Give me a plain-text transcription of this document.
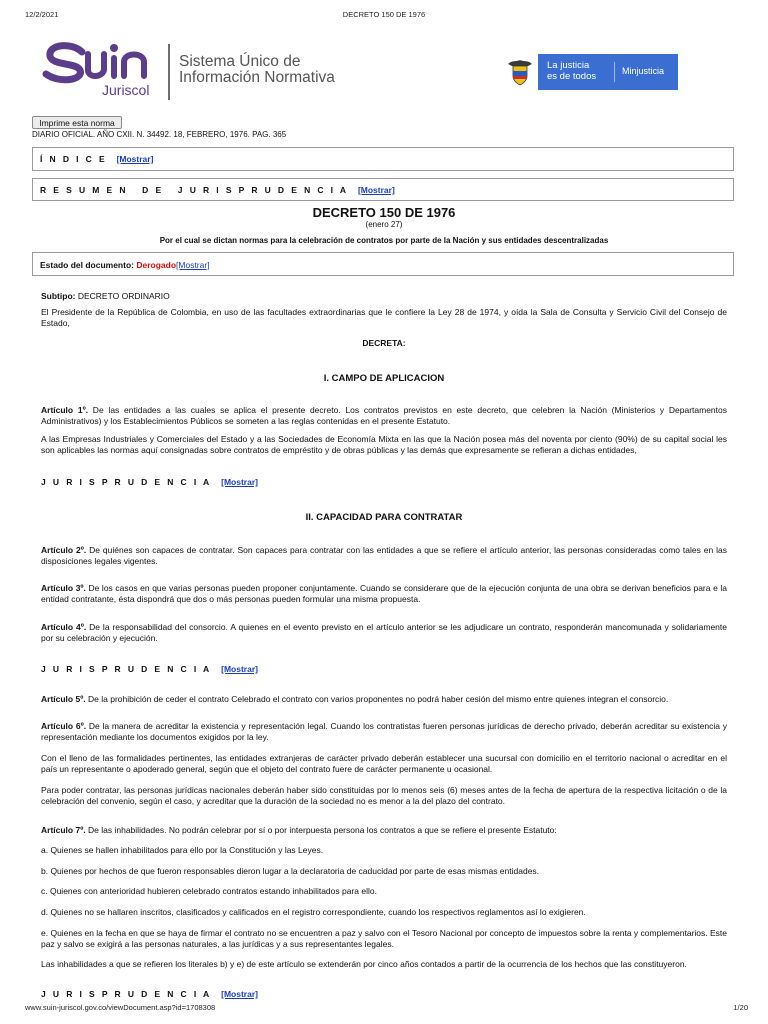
12/2/2021	DECRETO 150 DE 1976
Juriscol
Sistema Único de
Información Normativa
La justicia
es de todos	Minjusticia
Imprime esta norma
DIARIO OFICIAL. AÑO CXII. N. 34492. 18, FEBRERO, 1976. PAG. 365
Í N D I C E [Mostrar]
R E S U M E N   D E   J U R I S P R U D E N C I A [Mostrar]
DECRETO 150 DE 1976
(enero 27)
Por el cual se dictan normas para la celebración de contratos por parte de la Nación y sus entidades descentralizadas
Estado del documento: Derogado[Mostrar]
Subtipo: DECRETO ORDINARIO
El Presidente de la República de Colombia, en uso de las facultades extraordinarias que le confiere la Ley 28 de 1974, y oída la Sala de Consulta y Servicio Civil del Consejo de Estado,
DECRETA:
I. CAMPO DE APLICACION
Artículo 1º. De las entidades a las cuales se aplica el presente decreto. Los contratos previstos en este decreto, que celebren la Nación (Ministerios y Departamentos Administrativos) y los Establecimientos Públicos se someten a las reglas contenidas en el presente Estatuto.
A las Empresas Industriales y Comerciales del Estado y a las Sociedades de Economía Mixta en las que la Nación posea más del noventa por ciento (90%) de su capital social les son aplicables las normas aquí consignadas sobre contratos de empréstito y de obras públicas y las demás que expresamente se refieran a dichas entidades,
J U R I S P R U D E N C I A [Mostrar]
II. CAPACIDAD PARA CONTRATAR
Artículo 2º. De quiénes son capaces de contratar. Son capaces para contratar con las entidades a que se refiere el artículo anterior, las personas consideradas como tales en las disposiciones legales vigentes.
Artículo 3º. De los casos en que varias personas pueden proponer conjuntamente. Cuando se considerare que de la ejecución conjunta de una obra se derivan beneficios para e la entidad contratante, ésta dispondrá que dos o más personas pueden formular una misma propuesta.
Artículo 4º. De la responsabilidad del consorcio. A quienes en el evento previsto en el artículo anterior se les adjudicare un contrato, responderán mancomunada y solidariamente por su celebración y ejecución.
J U R I S P R U D E N C I A [Mostrar]
Artículo 5º. De la prohibición de ceder el contrato Celebrado el contrato con varios proponentes no podrá haber cesión del mismo entre quienes integran el consorcio.
Artículo 6º. De la manera de acreditar la existencia y representación legal. Cuando los contratistas fueren personas jurídicas de derecho privado, deberán acreditar su existencia y representación mediante los documentos exigidos por la ley.
Con el lleno de las formalidades pertinentes, las entidades extranjeras de carácter privado deberán establecer una sucursal con domicilio en el territorio nacional o acreditar en el país un representante o apoderado general, según que el objeto del contrato fuere de carácter permanente u ocasional.
Para poder contratar, las personas jurídicas nacionales deberán haber sido constituidas por lo menos seis (6) meses antes de la fecha de apertura de la respectiva licitación o de la celebración del convenio, según el caso, y acreditar que la duración de la sociedad no es menor a la del plazo del contrato.
Artículo 7º. De las inhabilidades. No podrán celebrar por sí o por interpuesta persona los contratos a que se refiere el presente Estatuto:
a. Quienes se hallen inhabilitados para ello por la Constitución y las Leyes.
b. Quienes por hechos de que fueron responsables dieron lugar a la declaratoria de caducidad por parte de esas mismas entidades.
c. Quienes con anterioridad hubieren celebrado contratos estando inhabilitados para ello.
d. Quienes no se hallaren inscritos, clasificados y calificados en el registro correspondiente, cuando los respectivos reglamentos así lo exigieren.
e. Quienes en la fecha en que se haya de firmar el contrato no se encuentren a paz y salvo con el Tesoro Nacional por concepto de impuestos sobre la renta y complementarios. Este paz y salvo se exigirá a las personas naturales, a las jurídicas y a sus representantes legales.
Las inhabilidades a que se refieren los literales b) y e) de este artículo se extenderán por cinco años contados a partir de la ocurrencia de los hechos que las constituyeron.
J U R I S P R U D E N C I A [Mostrar]
www.suin-juriscol.gov.co/viewDocument.asp?id=1708308	1/20
